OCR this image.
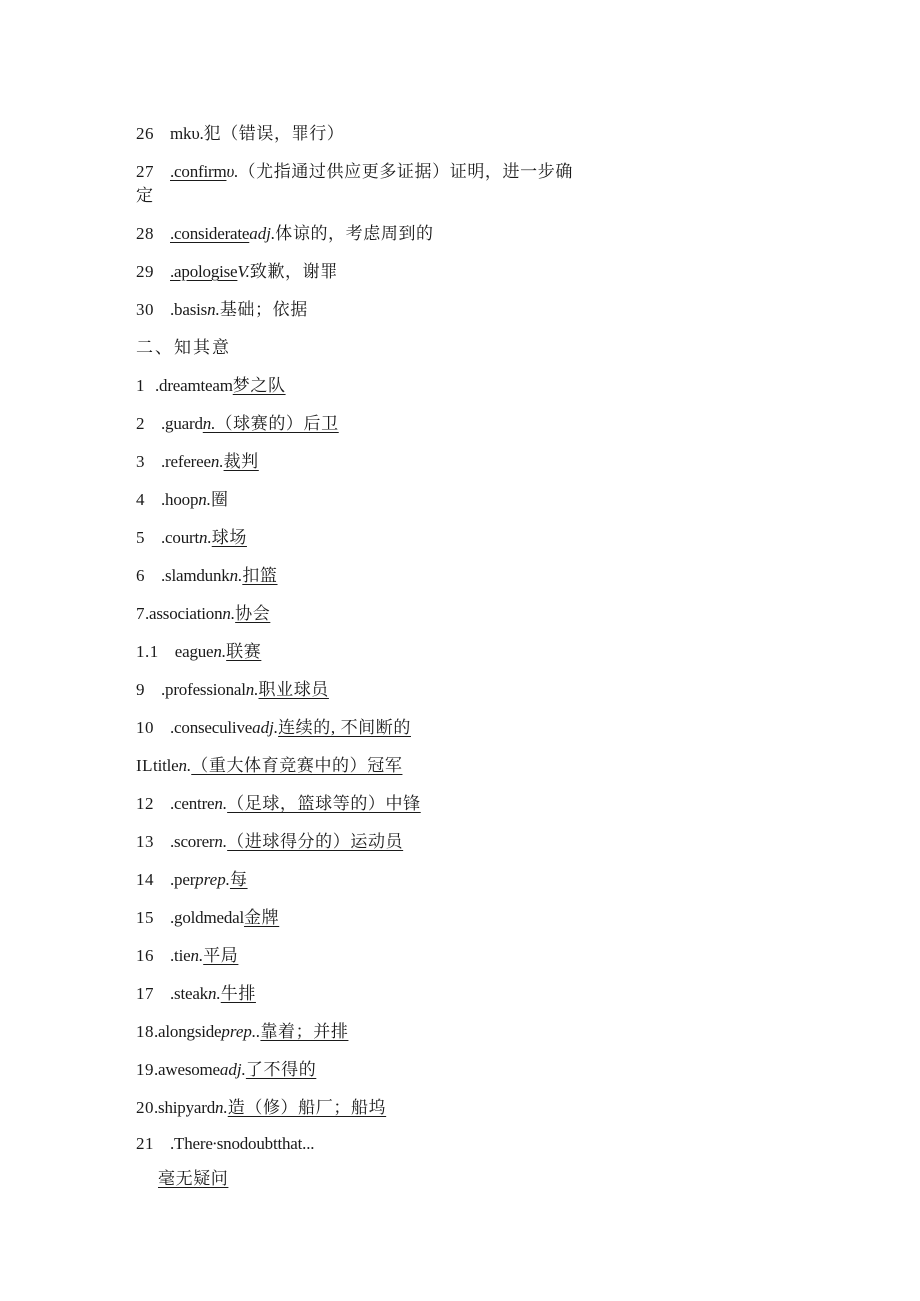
26 mkυ.犯（错误，罪行）
27 .confirmυ.（尤指通过供应更多证据）证明，进一步确
定
28 .considerateadj.体谅的，考虑周到的
29 .apologiseV.致歉，谢罪
30 .basisn.基础；依据
二、知其意
1 .dreamteam梦之队
2 .guardn.（球赛的）后卫
3 .refereen.裁判
4 .hoopn.圈
5 .courtn.球场
6 .slamdunkn.扣篮
7.associationn.协会
1.1 eaguen.联赛
9 .professionaln.职业球员
10 .conseculiveadj.连续的, 不间断的
ILtitlen.（重大体育竞赛中的）冠军
12 .centren.（足球，篮球等的）中锋
13 .scorern.（进球得分的）运动员
14 .perprep.每
15 .goldmedal金牌
16 .tien.平局
17 .steakn.牛排
18.alongsideprep..靠着；并排
19.awesomeadj.了不得的
20.shipyardn.造（修）船厂；船坞
21 .There∙snodoubtthat...
毫无疑问
